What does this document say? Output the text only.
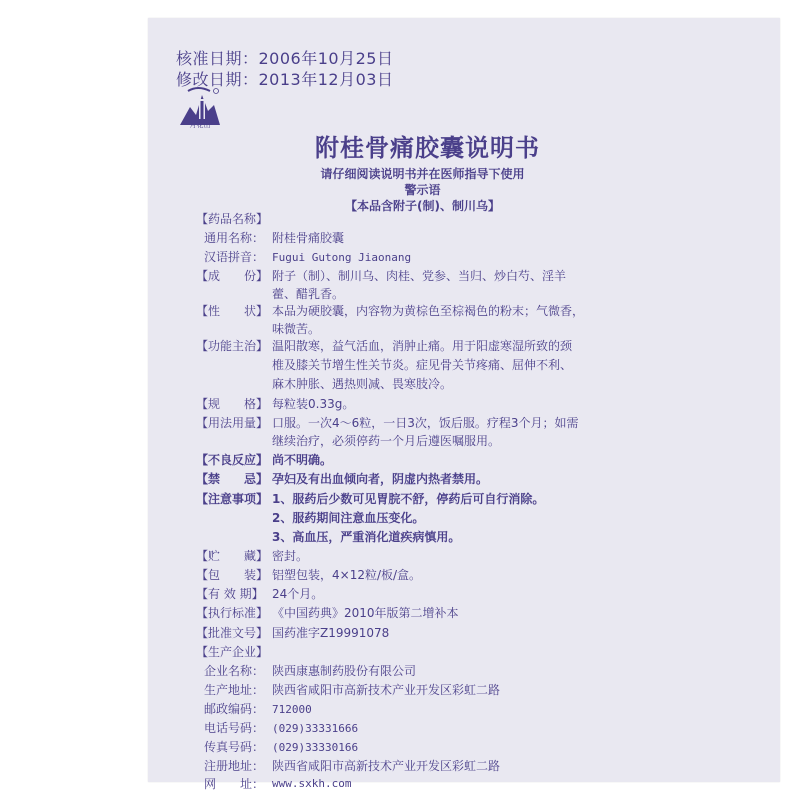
核准日期：2006年10月25日
修改日期：2013年12月03日
月花山
附桂骨痛胶囊说明书
请仔细阅读说明书并在医师指导下使用
警示语
【本品含附子(制)、制川乌】
【药品名称】
通用名称： 附桂骨痛胶囊
汉语拼音： Fugui Gutong Jiaonang
【成　　份】 附子（制）、制川乌、肉桂、党参、当归、炒白芍、淫羊
藿、醋乳香。
【性　　状】 本品为硬胶囊，内容物为黄棕色至棕褐色的粉末；气微香，
味微苦。
【功能主治】 温阳散寒，益气活血，消肿止痛。用于阳虚寒湿所致的颈
椎及膝关节增生性关节炎。症见骨关节疼痛、屈伸不利、
麻木肿胀、遇热则减、畏寒肢冷。
【规　　格】 每粒装0.33g。
【用法用量】 口服。一次4～6粒，一日3次，饭后服。疗程3个月；如需
继续治疗，必须停药一个月后遵医嘱服用。
【不良反应】 尚不明确。
【禁　　忌】 孕妇及有出血倾向者，阴虚内热者禁用。
【注意事项】 1、服药后少数可见胃脘不舒，停药后可自行消除。
2、服药期间注意血压变化。
3、高血压，严重消化道疾病慎用。
【贮　　藏】 密封。
【包　　装】 铝塑包装，4×12粒/板/盒。
【有 效 期】 24个月。
【执行标准】 《中国药典》2010年版第二增补本
【批准文号】 国药准字Z19991078
【生产企业】
企业名称： 陕西康惠制药股份有限公司
生产地址： 陕西省咸阳市高新技术产业开发区彩虹二路
邮政编码： 712000
电话号码： (029)33331666
传真号码： (029)33330166
注册地址： 陕西省咸阳市高新技术产业开发区彩虹二路
网　　址： www.sxkh.com
